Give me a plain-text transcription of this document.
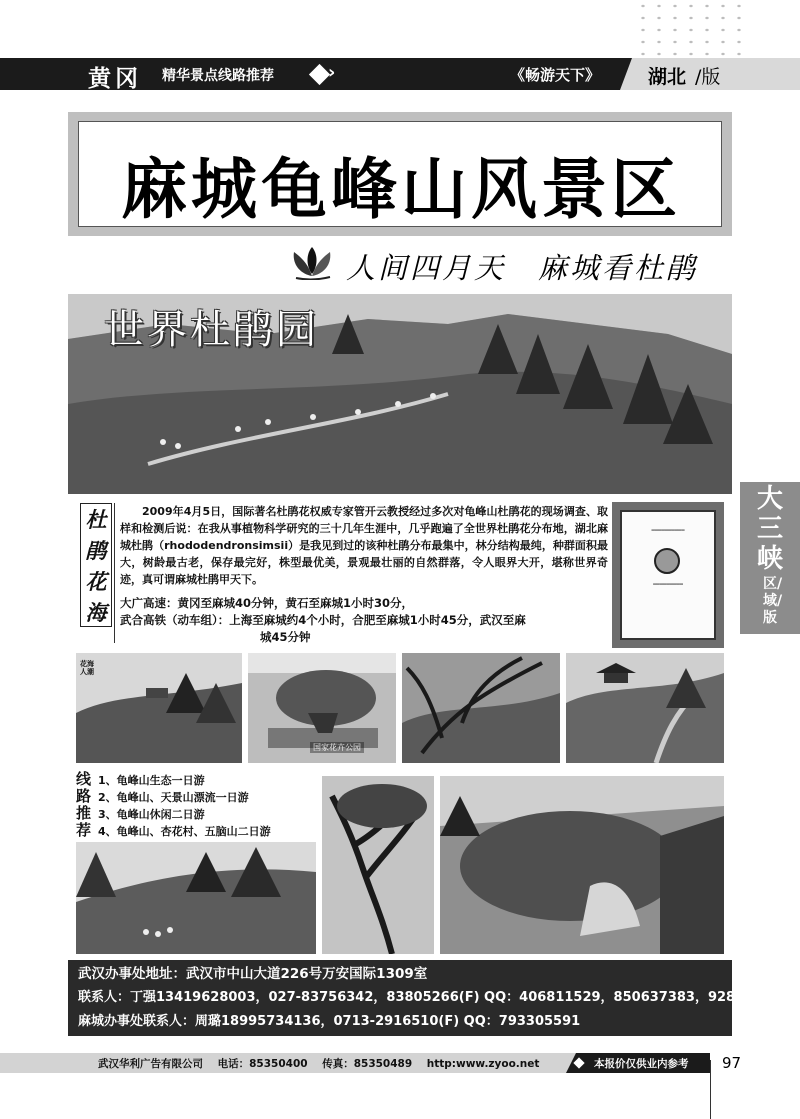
黄冈 精华景点线路推荐	›	《畅游天下》	湖北 /版
麻城龟峰山风景区
人间四月天　麻城看杜鹃
世界杜鹃园
大三峡
区/域/版
杜
鹃
花
海

2009年4月5日，国际著名杜鹃花权威专家管开云教授经过多次对龟峰山杜鹃花的现场调查、取样和检测后说：在我从事植物科学研究的三十几年生涯中，几乎跑遍了全世界杜鹃花分布地，湖北麻城杜鹃（rhododendronsimsii）是我见到过的该种杜鹃分布最集中，林分结构最纯，种群面积最大，树龄最古老，保存最完好，株型最优美，景观最壮丽的自然群落，令人眼界大开，堪称世界奇迹，真可谓麻城杜鹃甲天下。

大广高速：黄冈至麻城40分钟，黄石至麻城1小时30分，
武合高铁（动车组）：上海至麻城约4个小时，合肥至麻城1小时45分，武汉至麻
城45分钟
━━━━━━━━━━
━━━━━━━━━
花海人潮
国家花卉公园
线 1、龟峰山生态一日游
路 2、龟峰山、天景山漂流一日游
推 3、龟峰山休闲二日游
荐 4、龟峰山、杏花村、五脑山二日游
武汉办事处地址：武汉市中山大道226号万安国际1309室
联系人：丁强13419628003，027-83756342，83805266(F) QQ：406811529，850637383，928541406
麻城办事处联系人：周璐18995734136，0713-2916510(F) QQ：793305591
武汉华利广告有限公司 电话：85350400 传真：85350489 http:www.zyoo.net	本报价仅供业内参考 97
